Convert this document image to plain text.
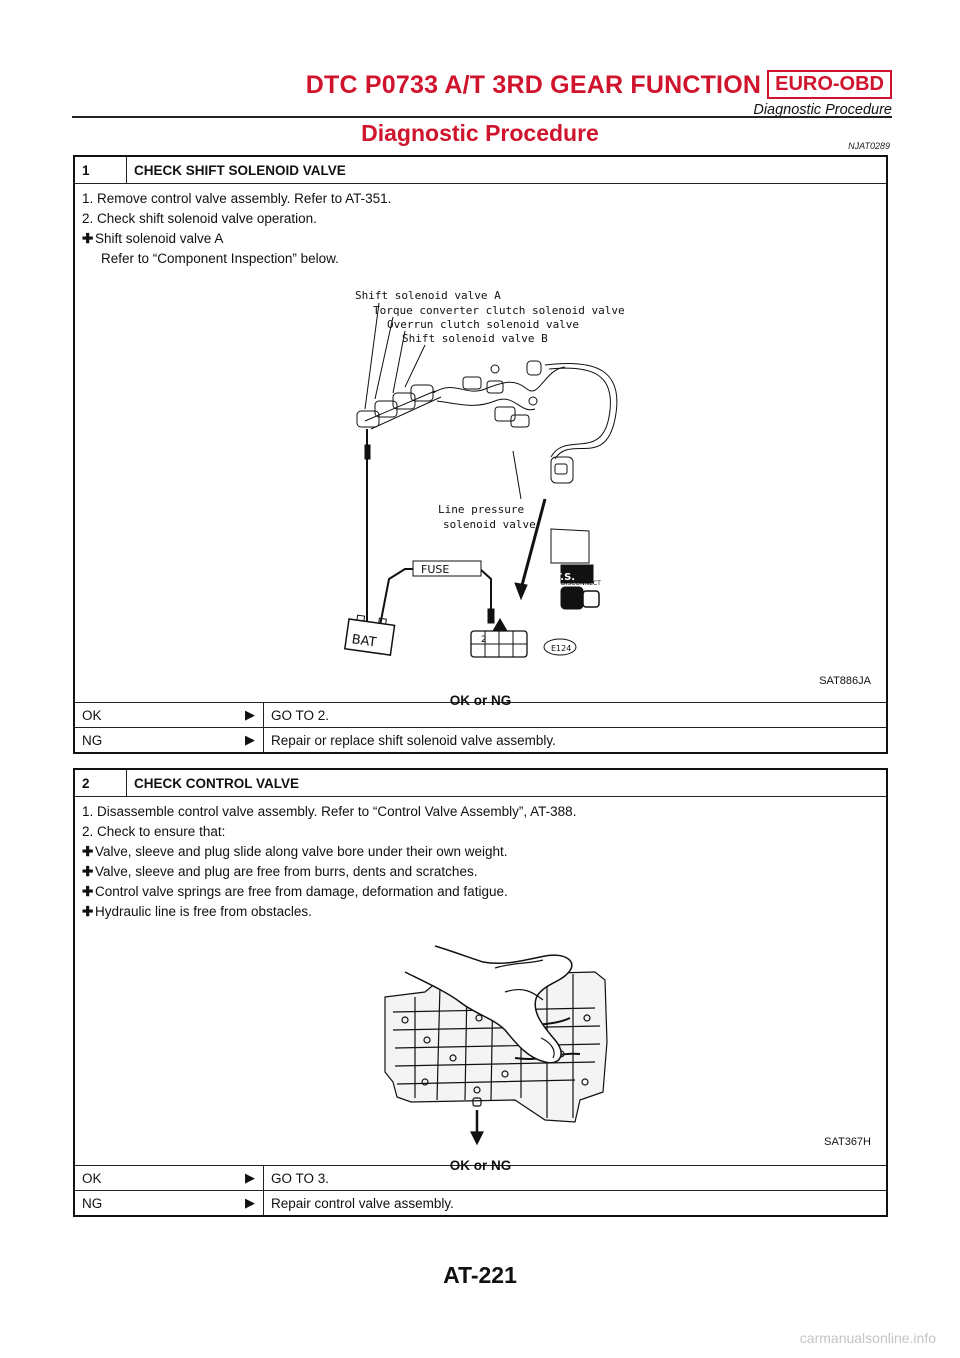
DTC P0733 A/T 3RD GEAR FUNCTION EURO-OBD
Diagnostic Procedure
Diagnostic Procedure	NJAT0289
1	CHECK SHIFT SOLENOID VALVE
1. Remove control valve assembly. Refer to AT-351.
2. Check shift solenoid valve operation.
✚ Shift solenoid valve A
Refer to “Component Inspection” below.
Shift solenoid valve A
Torque converter clutch solenoid valve
Overrun clutch solenoid valve
Shift solenoid valve B
Line pressure
solenoid valve
FUSE
BAT
T.S.
DISCONNECT
E124
2
SAT886JA
OK or NG
OK	▶	GO TO 2.
NG	▶	Repair or replace shift solenoid valve assembly.
2	CHECK CONTROL VALVE
1. Disassemble control valve assembly. Refer to “Control Valve Assembly”, AT-388.
2. Check to ensure that:
✚ Valve, sleeve and plug slide along valve bore under their own weight.
✚ Valve, sleeve and plug are free from burrs, dents and scratches.
✚ Control valve springs are free from damage, deformation and fatigue.
✚ Hydraulic line is free from obstacles.
SAT367H
OK or NG
OK	▶	GO TO 3.
NG	▶	Repair control valve assembly.
AT-221
carmanualsonline.info
